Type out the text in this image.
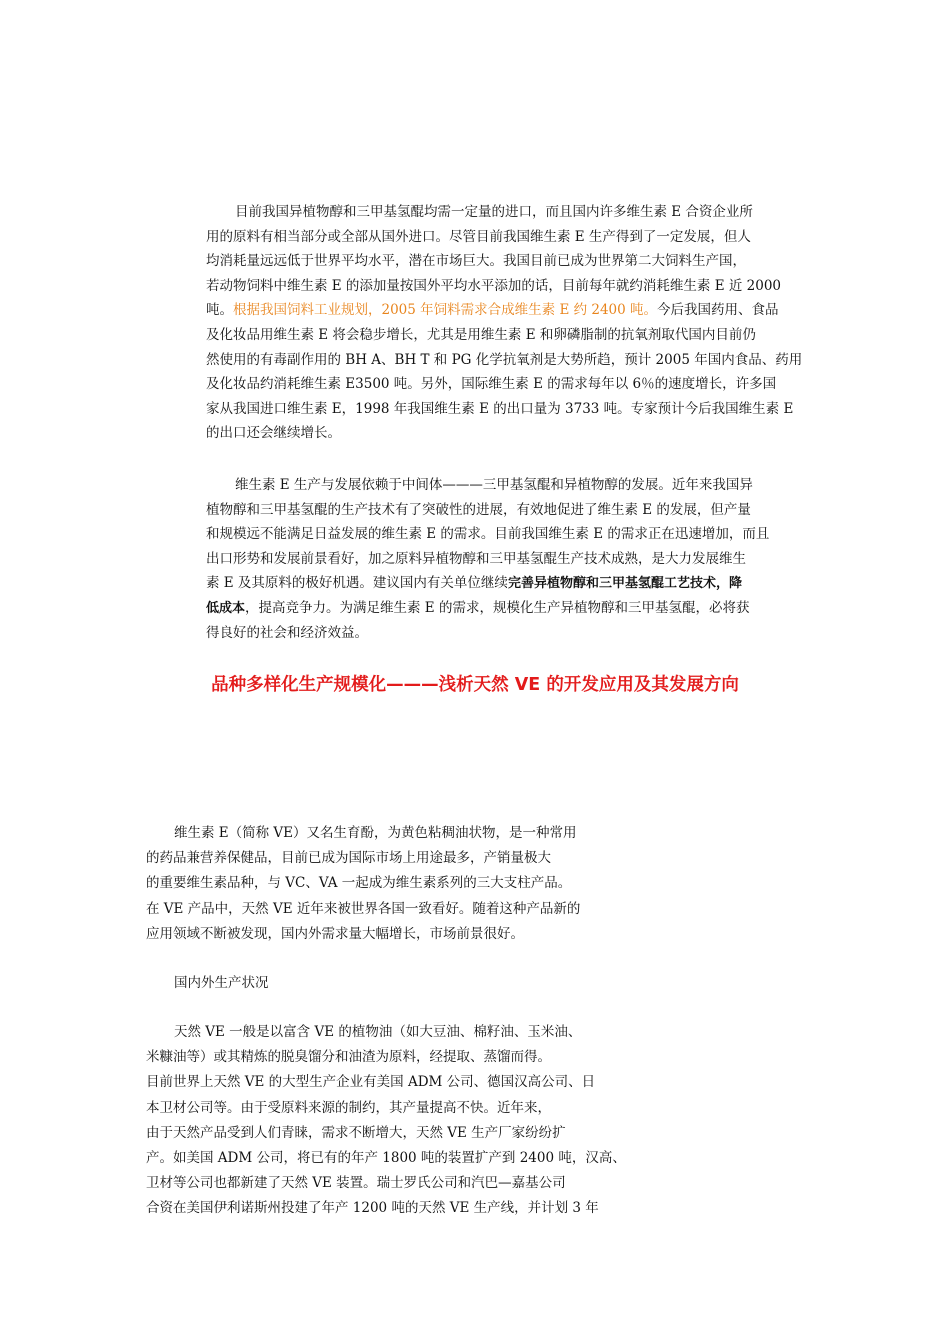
目前我国异植物醇和三甲基氢醌均需一定量的进口，而且国内许多维生素 E 合资企业所
用的原料有相当部分或全部从国外进口。尽管目前我国维生素 E 生产得到了一定发展，但人
均消耗量远远低于世界平均水平，潜在市场巨大。我国目前已成为世界第二大饲料生产国，
若动物饲料中维生素 E 的添加量按国外平均水平添加的话，目前每年就约消耗维生素 E 近 2000
吨。根据我国饲料工业规划，2005 年饲料需求合成维生素 E 约 2400 吨。今后我国药用、食品
及化妆品用维生素 E 将会稳步增长，尤其是用维生素 E 和卵磷脂制的抗氧剂取代国内目前仍
然使用的有毒副作用的 BH A、BH T 和 PG 化学抗氧剂是大势所趋，预计 2005 年国内食品、药用
及化妆品约消耗维生素 E3500 吨。另外，国际维生素 E 的需求每年以 6％的速度增长，许多国
家从我国进口维生素 E，1998 年我国维生素 E 的出口量为 3733 吨。专家预计今后我国维生素 E
的出口还会继续增长。
维生素 E 生产与发展依赖于中间体———三甲基氢醌和异植物醇的发展。近年来我国异
植物醇和三甲基氢醌的生产技术有了突破性的进展，有效地促进了维生素 E 的发展，但产量
和规模远不能满足日益发展的维生素 E 的需求。目前我国维生素 E 的需求正在迅速增加，而且
出口形势和发展前景看好，加之原料异植物醇和三甲基氢醌生产技术成熟，是大力发展维生
素 E 及其原料的极好机遇。建议国内有关单位继续完善异植物醇和三甲基氢醌工艺技术，降
低成本，提高竞争力。为满足维生素 E 的需求，规模化生产异植物醇和三甲基氢醌，必将获
得良好的社会和经济效益。
品种多样化生产规模化———浅析天然 VE 的开发应用及其发展方向
维生素 E（简称 VE）又名生育酚，为黄色粘稠油状物，是一种常用
的药品兼营养保健品，目前已成为国际市场上用途最多，产销量极大
的重要维生素品种，与 VC、VA 一起成为维生素系列的三大支柱产品。
在 VE 产品中，天然 VE 近年来被世界各国一致看好。随着这种产品新的
应用领域不断被发现，国内外需求量大幅增长，市场前景很好。
国内外生产状况
天然 VE 一般是以富含 VE 的植物油（如大豆油、棉籽油、玉米油、
米糠油等）或其精炼的脱臭馏分和油渣为原料，经提取、蒸馏而得。
目前世界上天然 VE 的大型生产企业有美国 ADM 公司、德国汉高公司、日
本卫材公司等。由于受原料来源的制约，其产量提高不快。近年来，
由于天然产品受到人们青睐，需求不断增大，天然 VE 生产厂家纷纷扩
产。如美国 ADM 公司，将已有的年产 1800 吨的装置扩产到 2400 吨，汉高、
卫材等公司也都新建了天然 VE 装置。瑞士罗氏公司和汽巴—嘉基公司
合资在美国伊利诺斯州投建了年产 1200 吨的天然 VE 生产线，并计划 3 年
